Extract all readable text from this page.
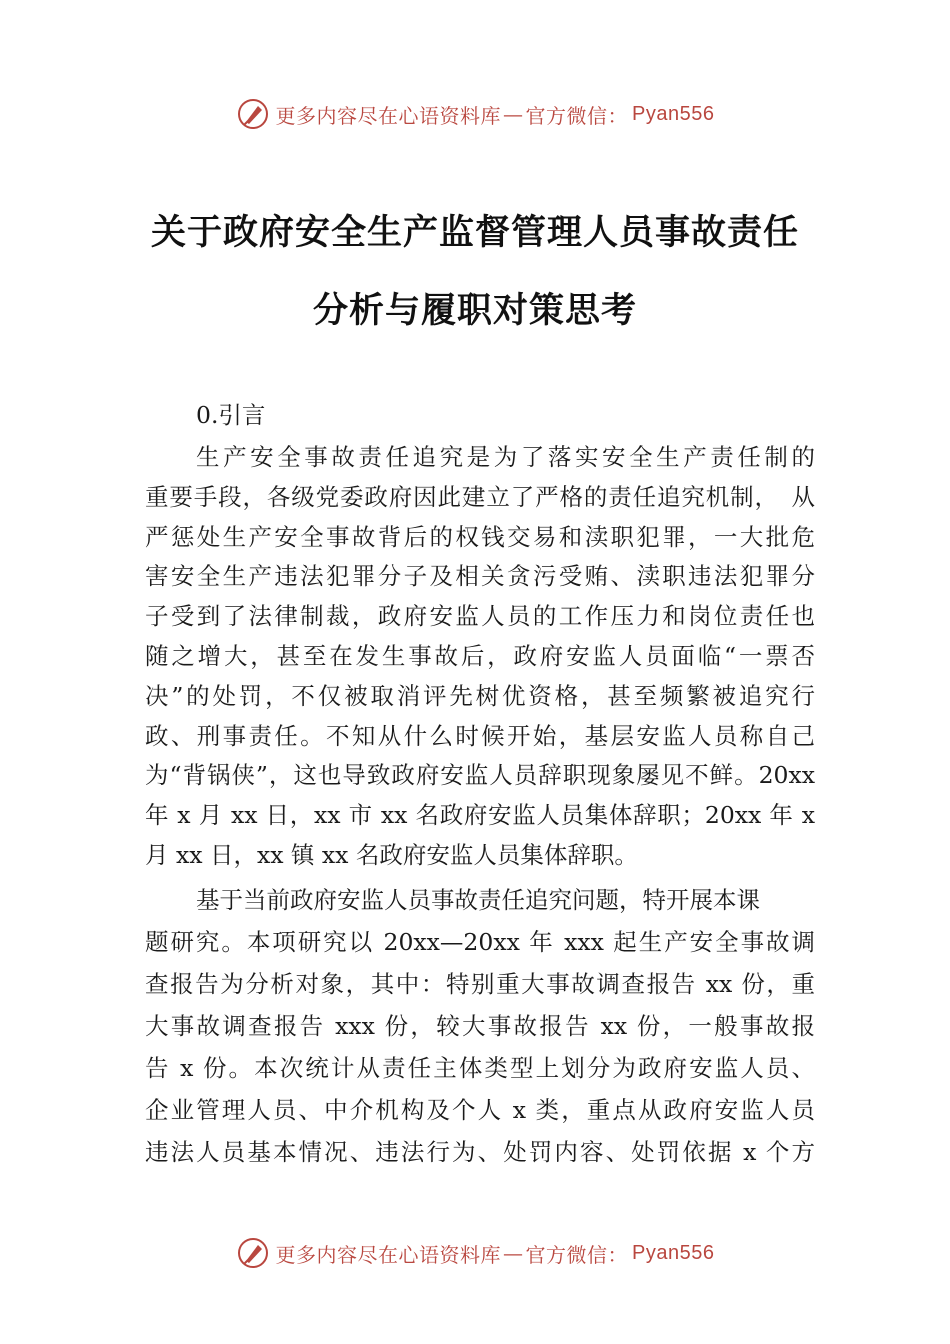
更多内容尽在心语资料库 — 官方微信： Pyan556
关于政府安全生产监督管理人员事故责任
分析与履职对策思考
0.引言
生产安全事故责任追究是为了落实安全生产责任制的
重要手段，各级党委政府因此建立了严格的责任追究机制，　从
严惩处生产安全事故背后的权钱交易和渎职犯罪，一大批危
害安全生产违法犯罪分子及相关贪污受贿、渎职违法犯罪分
子受到了法律制裁，政府安监人员的工作压力和岗位责任也
随之增大，甚至在发生事故后，政府安监人员面临“一票否
决”的处罚，不仅被取消评先树优资格，甚至频繁被追究行
政、刑事责任。不知从什么时候开始，基层安监人员称自己
为“背锅侠”，这也导致政府安监人员辞职现象屡见不鲜。20xx
年 x 月 xx 日，xx 市 xx 名政府安监人员集体辞职；20xx 年 x
月 xx 日，xx 镇 xx 名政府安监人员集体辞职。
基于当前政府安监人员事故责任追究问题，特开展本课
题研究。本项研究以 20xx—20xx 年 xxx 起生产安全事故调
查报告为分析对象，其中：特别重大事故调查报告 xx 份，重
大事故调查报告 xxx 份，较大事故报告 xx 份，一般事故报
告 x 份。本次统计从责任主体类型上划分为政府安监人员、
企业管理人员、中介机构及个人 x 类，重点从政府安监人员
违法人员基本情况、违法行为、处罚内容、处罚依据 x 个方
更多内容尽在心语资料库 — 官方微信： Pyan556
